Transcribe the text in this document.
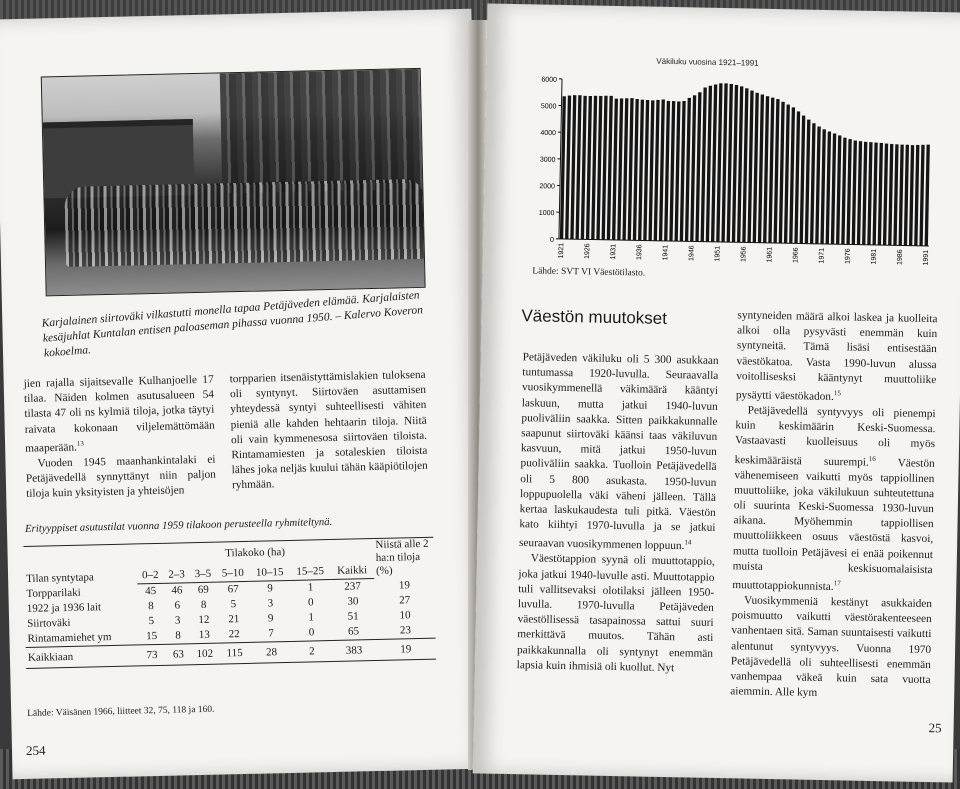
Karjalainen siirtoväki vilkastutti monella tapaa Petäjäveden elämää. Karjalaisten kesäjuhlat Kuntalan entisen paloaseman pihassa vuonna 1950. – Kalervo Koveron kokoelma.

jien rajalla sijaitsevalle Kulhanjoelle 17 tilaa. Näiden kolmen asutusalueen 54 tilasta 47 oli ns kylmiä tiloja, jotka täytyi raivata kokonaan viljelemättömään maaperään.$^{13}$

Vuoden 1945 maanhankintalaki ei Petäjävedellä synnyttänyt niin paljon tiloja kuin yksityisten ja yhteisöjen

torpparien itsenäistyttämislakien tuloksena oli syntynyt. Siirtoväen asuttamisen yhteydessä syntyi suhteellisesti vähiten pieniä alle kahden hehtaarin tiloja. Niitä oli vain kymmenesosa siirtoväen tiloista. Rintamamiesten ja sotaleskien tiloista lähes joka neljäs kuului tähän kääpiötilojen ryhmään.

Erityyppiset asutustilat vuonna 1959 tilakoon perusteella ryhmiteltynä.
Tilan syntytapa	Tilakoko (ha)							Niistä alle 2 ha:n tiloja (%)
	0–2	2–3	3–5	5–10	10–15	15–25	Kaikki	
Torpparilaki	45	46	69	67	9	1	237	19
1922 ja 1936 lait	8	6	8	5	3	0	30	27
Siirtoväki	5	3	12	21	9	1	51	10
Rintamamiehet ym	15	8	13	22	7	0	65	23
Kaikkiaan	73	63	102	115	28	2	383	19
Lähde: Väisänen 1966, liitteet 32, 75, 118 ja 160.
254
Väkiluku vuosina 1921–1991
0
1000
2000
3000
4000
5000
6000
1921	1926	1931	1936	1941	1946	1951	1956	1961	1966	1971	1976	1981	1986	1991
Lähde: SVT VI Väestötilasto.
Väestön muutokset

Petäjäveden väkiluku oli 5 300 asukkaan tuntumassa 1920-luvulla. Seuraavalla vuosikymmenellä väkimäärä kääntyi laskuun, mutta jatkui 1940-luvun puoliväliin saakka. Sitten paikkakunnalle saapunut siirtoväki käänsi taas väkiluvun kasvuun, mitä jatkui 1950-luvun puoliväliin saakka. Tuolloin Petäjävedellä oli 5 800 asukasta. 1950-luvun loppupuolella väki väheni jälleen. Tällä kertaa laskukaudesta tuli pitkä. Väestön kato kiihtyi 1970-luvulla ja se jatkui seuraavan vuosikymmenen loppuun.$^{14}$

Väestötappion syynä oli muuttotappio, joka jatkui 1940-luvulle asti. Muuttotappio tuli vallitsevaksi olotilaksi jälleen 1950-luvulla. 1970-luvulla Petäjäveden väestöllisessä tasapainossa sattui suuri merkittävä muutos. Tähän asti paikkakunnalla oli syntynyt enemmän lapsia kuin ihmisiä oli kuollut. Nyt

syntyneiden määrä alkoi laskea ja kuolleita alkoi olla pysyvästi enemmän kuin syntyneitä. Tämä lisäsi entisestään väestökatoa. Vasta 1990-luvun alussa voitollisesksi kääntynyt muuttoliike pysäytti väestökadon.$^{15}$

Petäjävedellä syntyvyys oli pienempi kuin keskimäärin Keski-Suomessa. Vastaavasti kuolleisuus oli myös keskimääräistä suurempi.$^{16}$ Väestön vähenemiseen vaikutti myös tappiollinen muuttoliike, joka väkilukuun suhteutettuna oli suurinta Keski-Suomessa 1930-luvun aikana. Myöhemmin tappiollisen muuttoliikkeen osuus väestöstä kasvoi, mutta tuolloin Petäjävesi ei enää poikennut muista keskisuomalaisista muuttotappiokunnista.$^{17}$

Vuosikymmeniä kestänyt asukkaiden poismuutto vaikutti väestörakenteeseen vanhentaen sitä. Saman suuntaisesti vaikutti alentunut syntyvyys. Vuonna 1970 Petäjävedellä oli suhteellisesti enemmän vanhempaa väkeä kuin sata vuotta aiemmin. Alle kym

25
